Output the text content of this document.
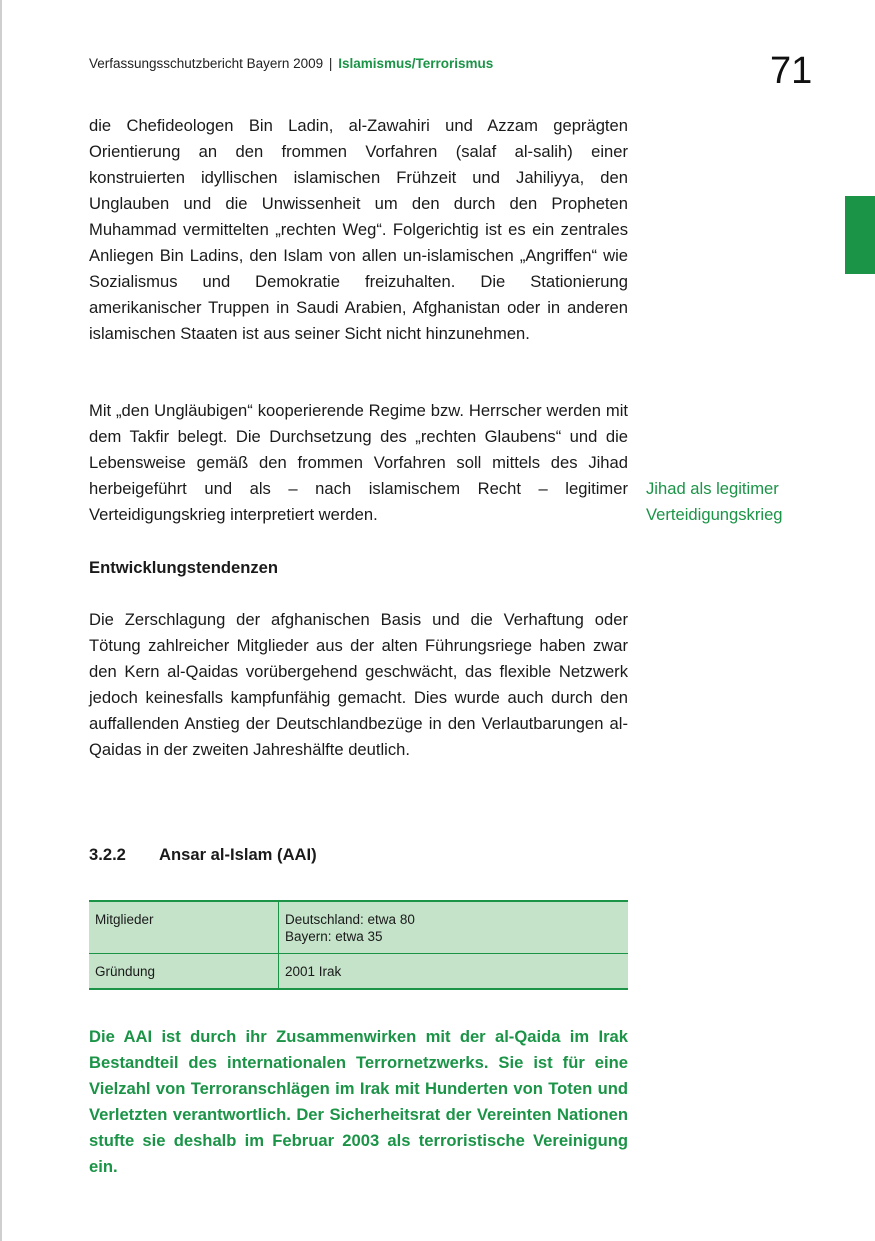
Verfassungsschutzbericht Bayern 2009 | Islamismus/Terrorismus	71

die Chefideologen Bin Ladin, al-Zawahiri und Azzam geprägten Orientierung an den frommen Vorfahren (salaf al-salih) einer konstruierten idyllischen islamischen Frühzeit und Jahiliyya, den Unglauben und die Unwissenheit um den durch den Propheten Muhammad vermittelten „rechten Weg“. Folgerichtig ist es ein zentrales Anliegen Bin Ladins, den Islam von allen un-islamischen „Angriffen“ wie Sozialismus und Demokratie freizuhalten. Die Stationierung amerikanischer Truppen in Saudi Arabien, Afghanistan oder in anderen islamischen Staaten ist aus seiner Sicht nicht hinzunehmen.

Mit „den Ungläubigen“ kooperierende Regime bzw. Herrscher werden mit dem Takfir belegt. Die Durchsetzung des „rechten Glaubens“ und die Lebensweise gemäß den frommen Vorfahren soll mittels des Jihad herbeigeführt und als – nach islamischem Recht – legitimer Verteidigungskrieg interpretiert werden.

Jihad als legitimer
Verteidigungskrieg
Entwicklungstendenzen

Die Zerschlagung der afghanischen Basis und die Verhaftung oder Tötung zahlreicher Mitglieder aus der alten Führungsriege haben zwar den Kern al-Qaidas vorübergehend geschwächt, das flexible Netzwerk jedoch keinesfalls kampfunfähig gemacht. Dies wurde auch durch den auffallenden Anstieg der Deutschlandbezüge in den Verlautbarungen al-Qaidas in der zweiten Jahreshälfte deutlich.

3.2.2 Ansar al-Islam (AAI)
Mitglieder	Deutschland: etwa 80
Bayern: etwa 35

Gründung	2001 Irak

Die AAI ist durch ihr Zusammenwirken mit der al-Qaida im Irak Bestandteil des internationalen Terrornetzwerks. Sie ist für eine Vielzahl von Terroranschlägen im Irak mit Hunderten von Toten und Verletzten verantwortlich. Der Sicherheitsrat der Vereinten Nationen stufte sie deshalb im Februar 2003 als terroristische Vereinigung ein.
